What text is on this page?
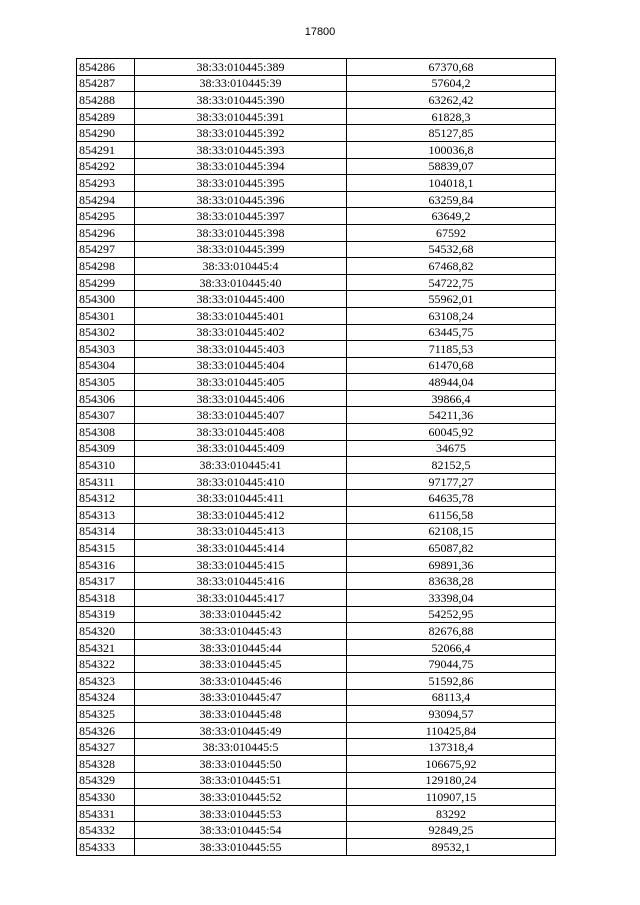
17800
854286	38:33:010445:389	67370,68
854287	38:33:010445:39	57604,2
854288	38:33:010445:390	63262,42
854289	38:33:010445:391	61828,3
854290	38:33:010445:392	85127,85
854291	38:33:010445:393	100036,8
854292	38:33:010445:394	58839,07
854293	38:33:010445:395	104018,1
854294	38:33:010445:396	63259,84
854295	38:33:010445:397	63649,2
854296	38:33:010445:398	67592
854297	38:33:010445:399	54532,68
854298	38:33:010445:4	67468,82
854299	38:33:010445:40	54722,75
854300	38:33:010445:400	55962,01
854301	38:33:010445:401	63108,24
854302	38:33:010445:402	63445,75
854303	38:33:010445:403	71185,53
854304	38:33:010445:404	61470,68
854305	38:33:010445:405	48944,04
854306	38:33:010445:406	39866,4
854307	38:33:010445:407	54211,36
854308	38:33:010445:408	60045,92
854309	38:33:010445:409	34675
854310	38:33:010445:41	82152,5
854311	38:33:010445:410	97177,27
854312	38:33:010445:411	64635,78
854313	38:33:010445:412	61156,58
854314	38:33:010445:413	62108,15
854315	38:33:010445:414	65087,82
854316	38:33:010445:415	69891,36
854317	38:33:010445:416	83638,28
854318	38:33:010445:417	33398,04
854319	38:33:010445:42	54252,95
854320	38:33:010445:43	82676,88
854321	38:33:010445:44	52066,4
854322	38:33:010445:45	79044,75
854323	38:33:010445:46	51592,86
854324	38:33:010445:47	68113,4
854325	38:33:010445:48	93094,57
854326	38:33:010445:49	110425,84
854327	38:33:010445:5	137318,4
854328	38:33:010445:50	106675,92
854329	38:33:010445:51	129180,24
854330	38:33:010445:52	110907,15
854331	38:33:010445:53	83292
854332	38:33:010445:54	92849,25
854333	38:33:010445:55	89532,1
